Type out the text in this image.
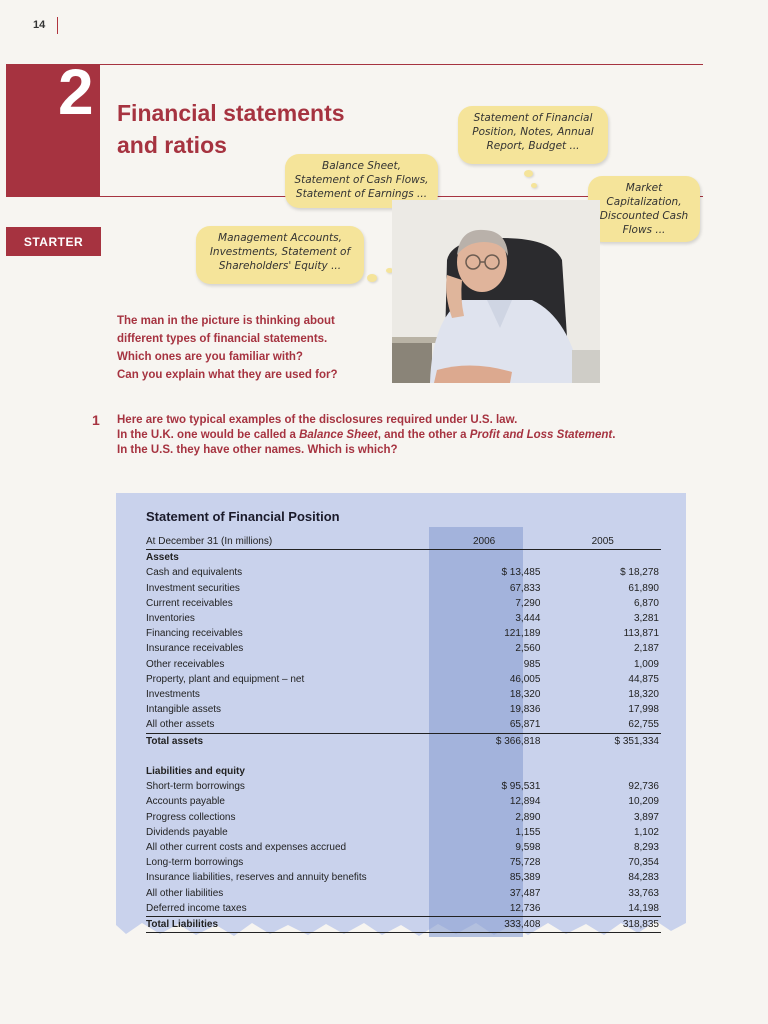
14
2 Financial statements
and ratios
STARTER
Statement of Financial Position, Notes, Annual Report, Budget ...
Balance Sheet, Statement of Cash Flows, Statement of Earnings ...	Market Capitalization, Discounted Cash Flows ...
Management Accounts, Investments, Statement of Shareholders' Equity ...
The man in the picture is thinking about
different types of financial statements.
Which ones are you familiar with?
Can you explain what they are used for?
1 Here are two typical examples of the disclosures required under U.S. law.
In the U.K. one would be called a Balance Sheet, and the other a Profit and Loss Statement.
In the U.S. they have other names. Which is which?
Statement of Financial Position
At December 31 (In millions)	2006	2005
Assets		
Cash and equivalents	$ 13,485	$ 18,278
Investment securities	67,833	61,890
Current receivables	7,290	6,870
Inventories	3,444	3,281
Financing receivables	121,189	113,871
Insurance receivables	2,560	2,187
Other receivables	985	1,009
Property, plant and equipment – net	46,005	44,875
Investments	18,320	18,320
Intangible assets	19,836	17,998
All other assets	65,871	62,755
Total assets	$ 366,818	$ 351,334

Liabilities and equity		
Short-term borrowings	$ 95,531	92,736
Accounts payable	12,894	10,209
Progress collections	2,890	3,897
Dividends payable	1,155	1,102
All other current costs and expenses accrued	9,598	8,293
Long-term borrowings	75,728	70,354
Insurance liabilities, reserves and annuity benefits	85,389	84,283
All other liabilities	37,487	33,763
Deferred income taxes	12,736	14,198
Total Liabilities	333,408	318,835
